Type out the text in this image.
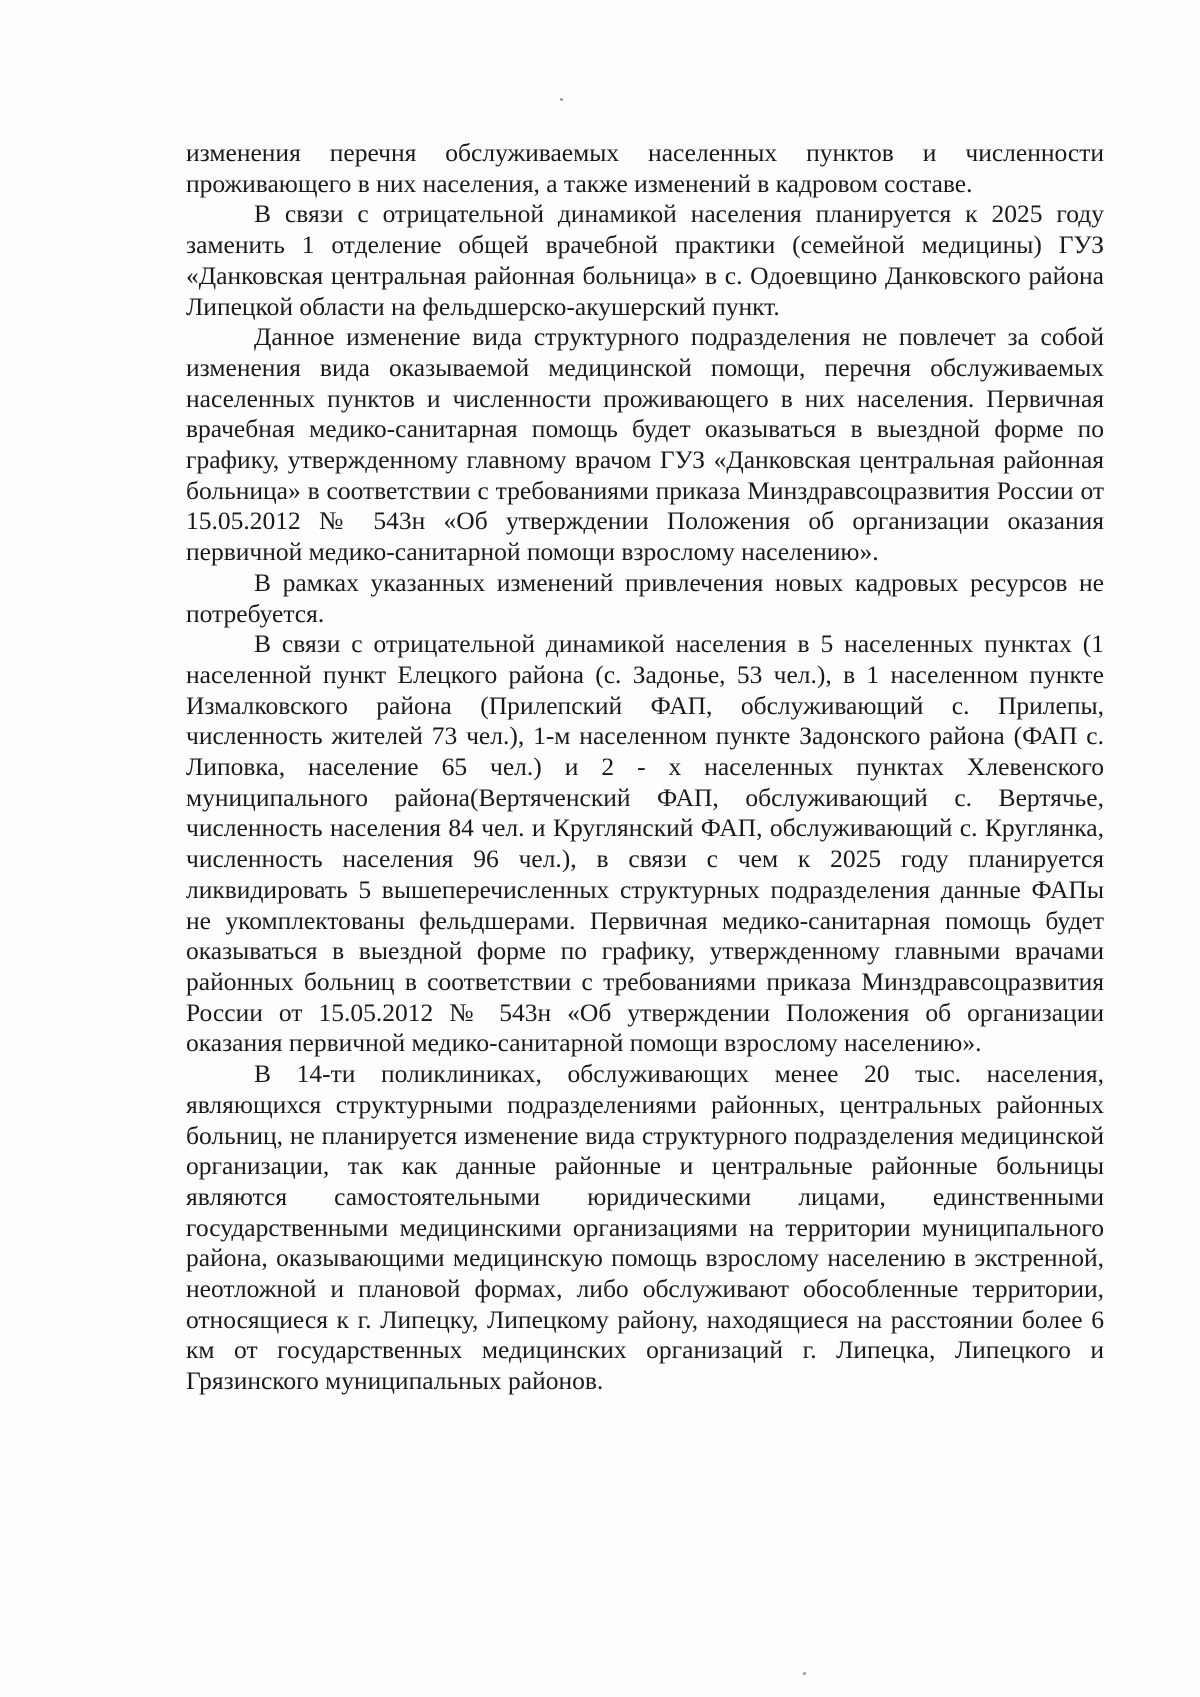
изменения перечня обслуживаемых населенных пунктов и численности проживающего в них населения, а также изменений в кадровом составе.

В связи с отрицательной динамикой населения планируется к 2025 году заменить 1 отделение общей врачебной практики (семейной медицины) ГУЗ «Данковская центральная районная больница» в с. Одоевщино Данковского района Липецкой области на фельдшерско-акушерский пункт.

Данное изменение вида структурного подразделения не повлечет за собой изменения вида оказываемой медицинской помощи, перечня обслуживаемых населенных пунктов и численности проживающего в них населения. Первичная врачебная медико-санитарная помощь будет оказываться в выездной форме по графику, утвержденному главному врачом ГУЗ «Данковская центральная районная больница» в соответствии с требованиями приказа Минздравсоцразвития России от 15.05.2012 № 543н «Об утверждении Положения об организации оказания первичной медико-санитарной помощи взрослому населению».

В рамках указанных изменений привлечения новых кадровых ресурсов не потребуется.

В связи с отрицательной динамикой населения в 5 населенных пунктах (1 населенной пункт Елецкого района (с. Задонье, 53 чел.), в 1 населенном пункте Измалковского района (Прилепский ФАП, обслуживающий с. Прилепы, численность жителей 73 чел.), 1-м населенном пункте Задонского района (ФАП с. Липовка, население 65 чел.) и 2 - х населенных пунктах Хлевенского муниципального района(Вертяченский ФАП, обслуживающий с. Вертячье, численность населения 84 чел. и Круглянский ФАП, обслуживающий с. Круглянка, численность населения 96 чел.), в связи с чем к 2025 году планируется ликвидировать 5 вышеперечисленных структурных подразделения данные ФАПы не укомплектованы фельдшерами. Первичная медико-санитарная помощь будет оказываться в выездной форме по графику, утвержденному главными врачами районных больниц в соответствии с требованиями приказа Минздравсоцразвития России от 15.05.2012 № 543н «Об утверждении Положения об организации оказания первичной медико-санитарной помощи взрослому населению».

В 14-ти поликлиниках, обслуживающих менее 20 тыс. населения, являющихся структурными подразделениями районных, центральных районных больниц, не планируется изменение вида структурного подразделения медицинской организации, так как данные районные и центральные районные больницы являются самостоятельными юридическими лицами, единственными государственными медицинскими организациями на территории муниципального района, оказывающими медицинскую помощь взрослому населению в экстренной, неотложной и плановой формах, либо обслуживают обособленные территории, относящиеся к г. Липецку, Липецкому району, находящиеся на расстоянии более 6 км от государственных медицинских организаций г. Липецка, Липецкого и Грязинского муниципальных районов.
